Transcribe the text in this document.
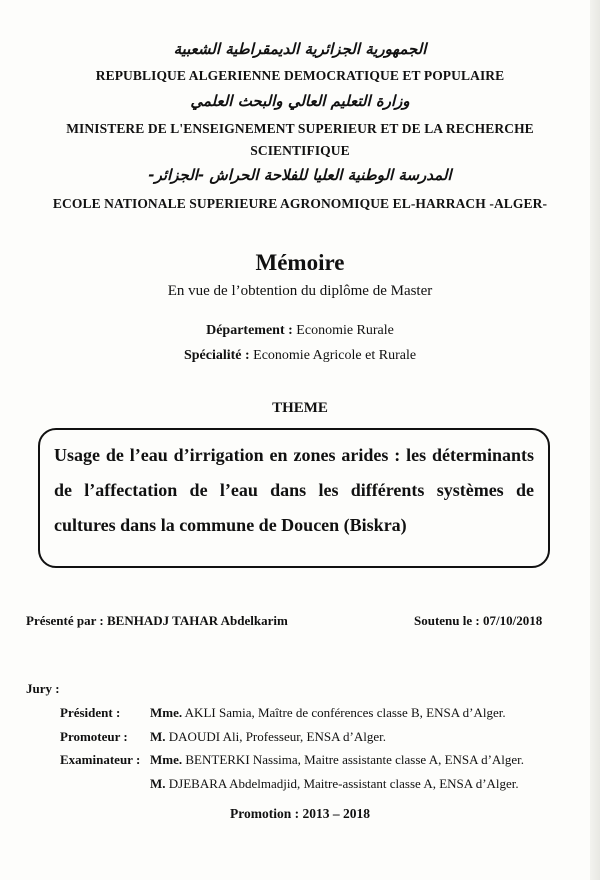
الجمهورية الجزائرية الديمقراطية الشعبية
REPUBLIQUE ALGERIENNE DEMOCRATIQUE ET POPULAIRE
وزارة التعليم العالي والبحث العلمي
MINISTERE DE L'ENSEIGNEMENT SUPERIEUR ET DE LA RECHERCHE
SCIENTIFIQUE
المدرسة الوطنية العليا للفلاحة الحراش -الجزائر-
ECOLE NATIONALE SUPERIEURE AGRONOMIQUE EL-HARRACH -ALGER-
Mémoire
En vue de l’obtention du diplôme de Master
Département : Economie Rurale
Spécialité : Economie Agricole et Rurale
THEME
Usage de l’eau d’irrigation en zones arides : les déterminants de l’affectation de l’eau dans les différents systèmes de cultures dans la commune de Doucen (Biskra)
Présenté par : BENHADJ TAHAR Abdelkarim	Soutenu le : 07/10/2018
Jury :
Président :	Mme. AKLI Samia, Maître de conférences classe B, ENSA d’Alger.
Promoteur :	M. DAOUDI Ali, Professeur, ENSA d’Alger.
Examinateur : Mme. BENTERKI Nassima, Maitre assistante classe A, ENSA d’Alger.
M. DJEBARA Abdelmadjid, Maitre-assistant classe A, ENSA d’Alger.
Promotion : 2013 – 2018
